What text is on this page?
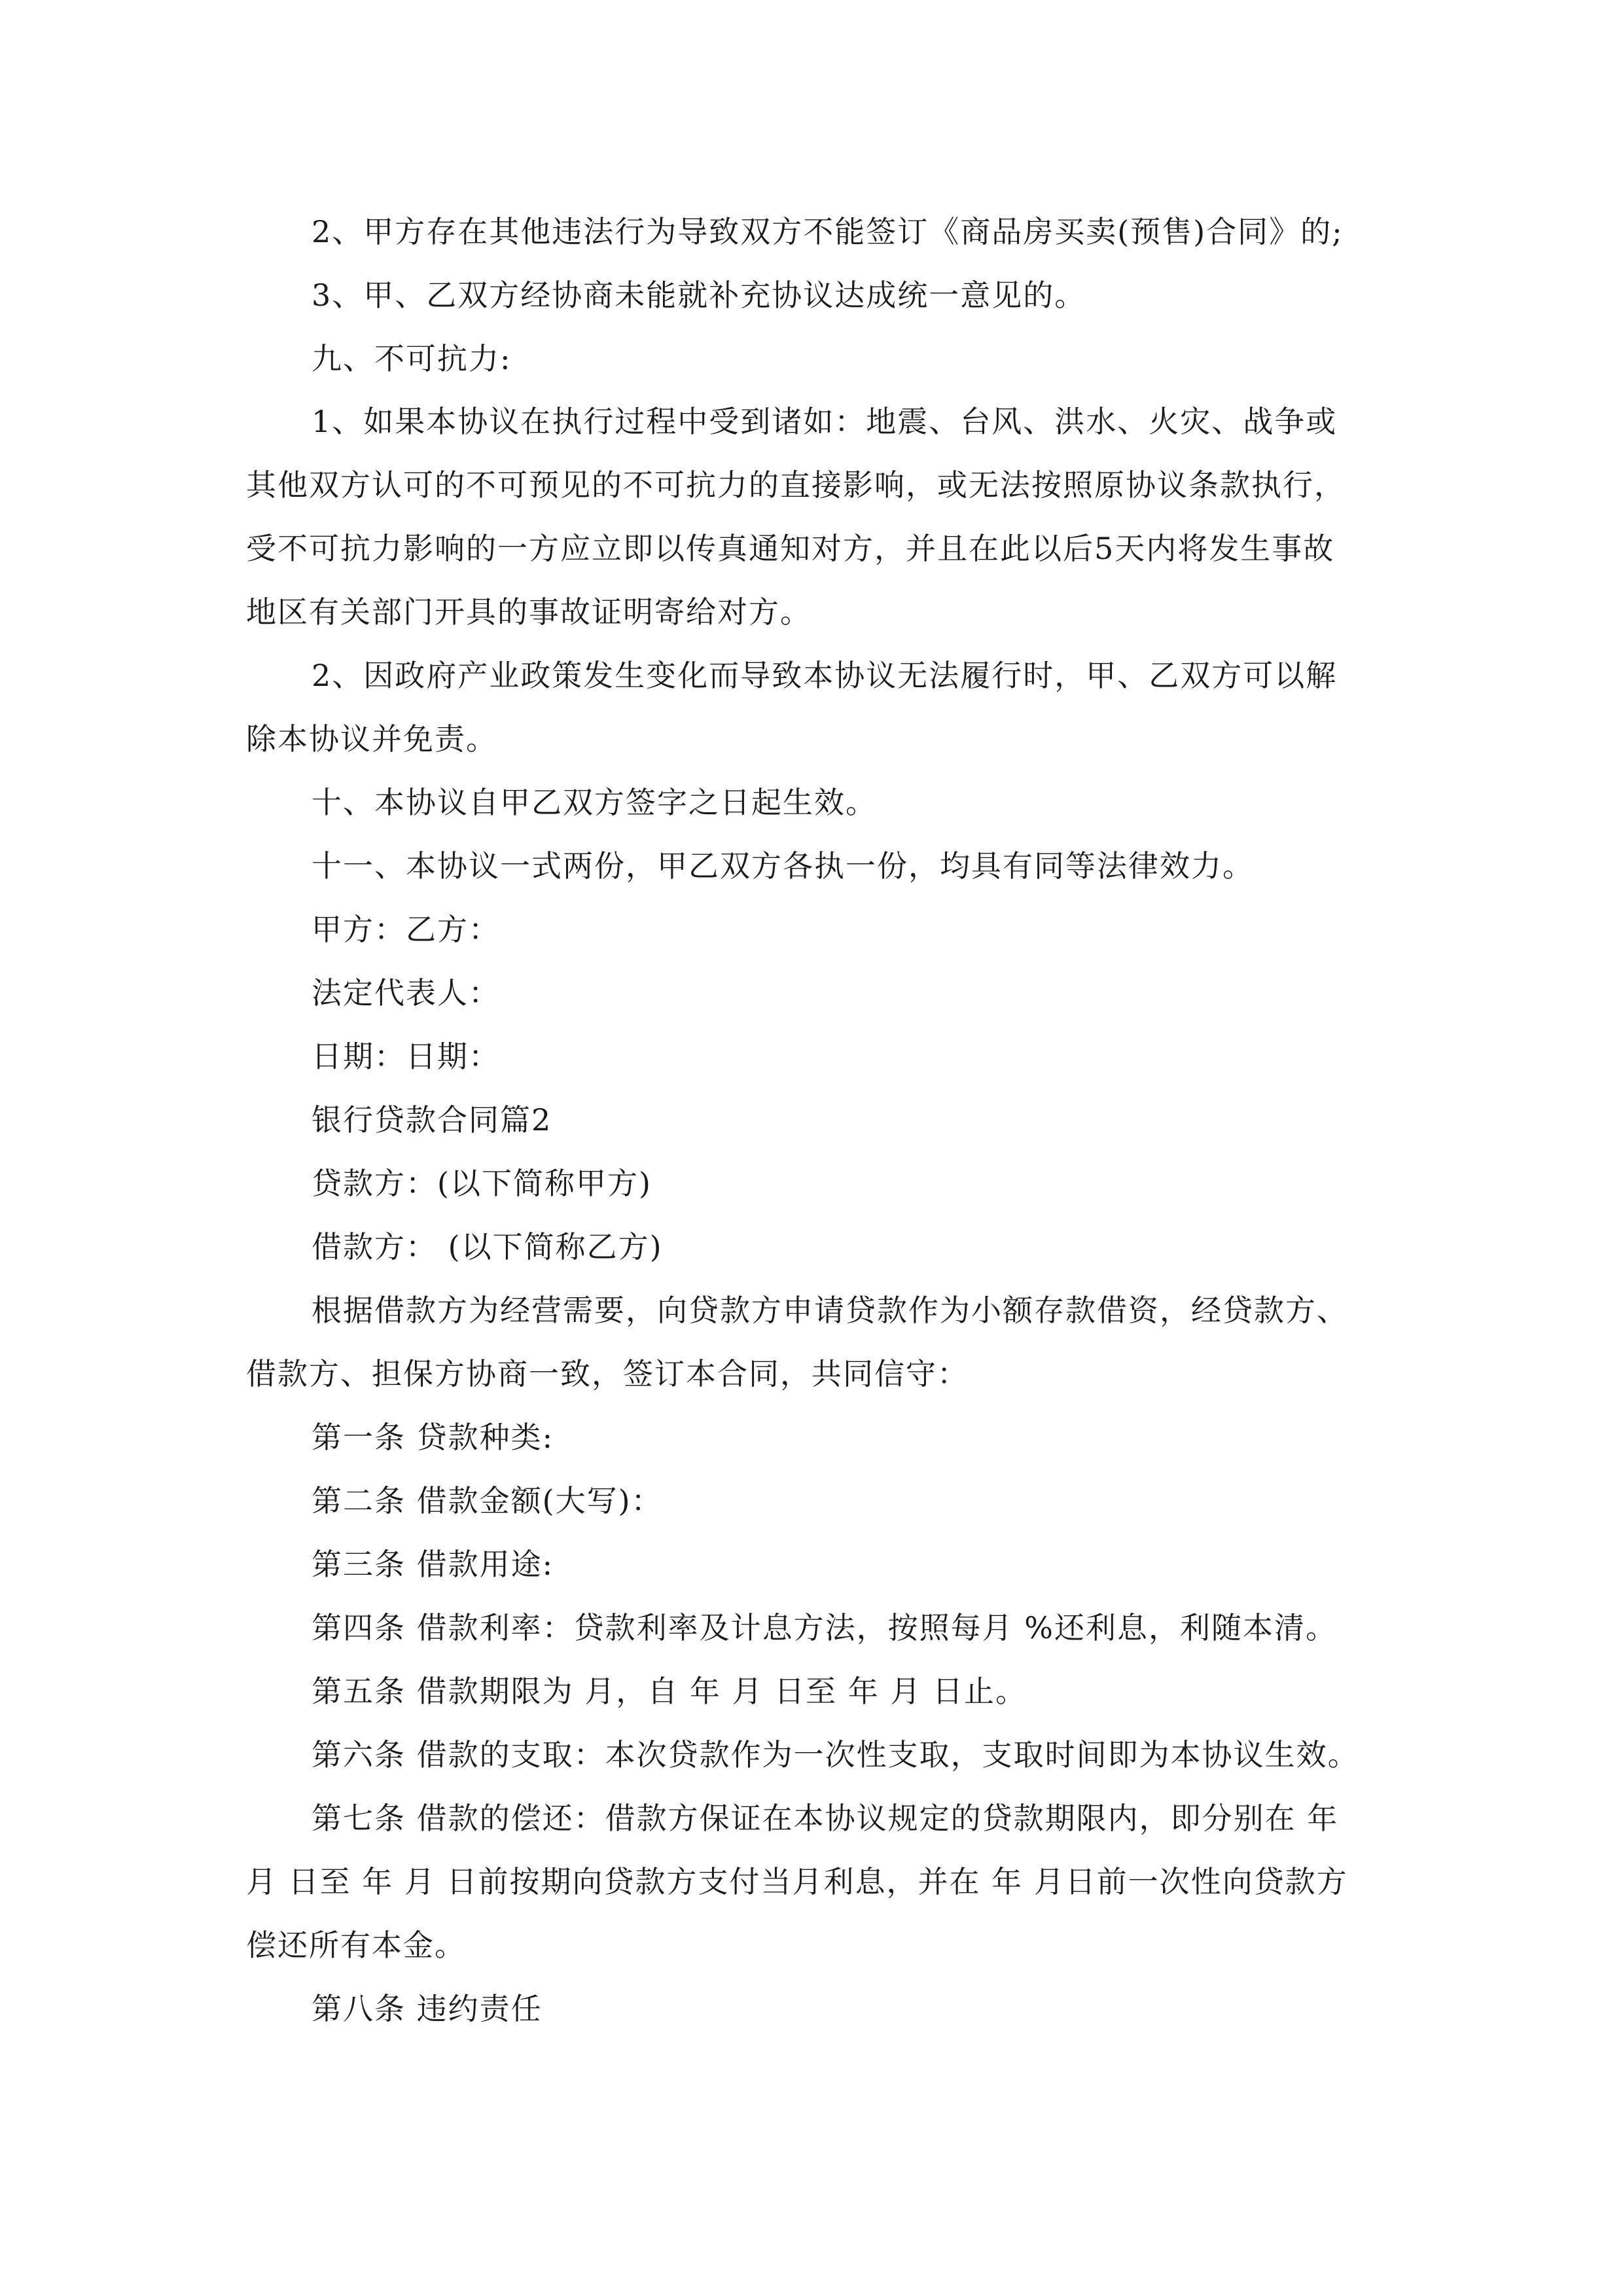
2、甲方存在其他违法行为导致双方不能签订《商品房买卖(预售)合同》的;
3、甲、乙双方经协商未能就补充协议达成统一意见的。
九、不可抗力:
1、如果本协议在执行过程中受到诸如：地震、台风、洪水、火灾、战争或
其他双方认可的不可预见的不可抗力的直接影响，或无法按照原协议条款执行，
受不可抗力影响的一方应立即以传真通知对方，并且在此以后5天内将发生事故
地区有关部门开具的事故证明寄给对方。
2、因政府产业政策发生变化而导致本协议无法履行时，甲、乙双方可以解
除本协议并免责。
十、本协议自甲乙双方签字之日起生效。
十一、本协议一式两份，甲乙双方各执一份，均具有同等法律效力。
甲方：乙方：
法定代表人：
日期：日期：
银行贷款合同篇2
贷款方：(以下简称甲方)
借款方： (以下简称乙方)
根据借款方为经营需要，向贷款方申请贷款作为小额存款借资，经贷款方、
借款方、担保方协商一致，签订本合同，共同信守：
第一条 贷款种类:
第二条 借款金额(大写)：
第三条 借款用途:
第四条 借款利率：贷款利率及计息方法，按照每月 %还利息，利随本清。
第五条 借款期限为 月，自 年 月 日至 年 月 日止。
第六条 借款的支取：本次贷款作为一次性支取，支取时间即为本协议生效。
第七条 借款的偿还：借款方保证在本协议规定的贷款期限内，即分别在 年
月 日至 年 月 日前按期向贷款方支付当月利息，并在 年 月日前一次性向贷款方
偿还所有本金。
第八条 违约责任
